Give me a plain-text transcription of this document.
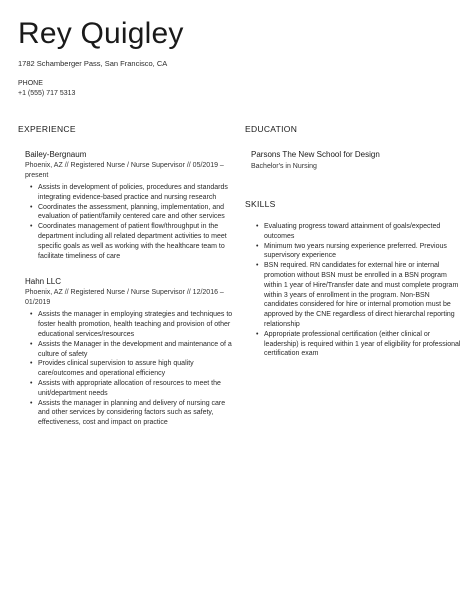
Rey Quigley
1782 Schamberger Pass, San Francisco, CA
PHONE
+1 (555) 717 5313
EXPERIENCE	EDUCATION

Bailey-Bergnaum

Phoenix, AZ // Registered Nurse / Nurse Supervisor // 05/2019 –
present

• Assists in development of policies, procedures and standards integrating evidence-based practice and nursing research
• Coordinates the assessment, planning, implementation, and evaluation of patient/family centered care and other services
• Coordinates management of patient flow/throughput in the department including all related department activities to meet specific goals as well as working with the healthcare team to facilitate timeliness of care

Hahn LLC

Phoenix, AZ // Registered Nurse / Nurse Supervisor // 12/2016 –
01/2019

• Assists the manager in employing strategies and techniques to foster health promotion, health teaching and provision of other educational services/resources
• Assists the Manager in the development and maintenance of a culture of safety
• Provides clinical supervision to assure high quality care/outcomes and operational efficiency
• Assists with appropriate allocation of resources to meet the unit/department needs
• Assists the manager in planning and delivery of nursing care and other services by considering factors such as safety, effectiveness, cost and impact on practice

Parsons The New School for Design

Bachelor's in Nursing

SKILLS
• Evaluating progress toward attainment of goals/expected outcomes
• Minimum two years nursing experience preferred. Previous supervisory experience
• BSN required. RN candidates for external hire or internal promotion without BSN must be enrolled in a BSN program within 1 year of Hire/Transfer date and must complete program within 3 years of enrollment in the program. Non-BSN candidates considered for hire or internal promotion must be approved by the CNE regardless of direct hierarchal reporting relationship
• Appropriate professional certification (either clinical or leadership) is required within 1 year of eligibility for professional certification exam
